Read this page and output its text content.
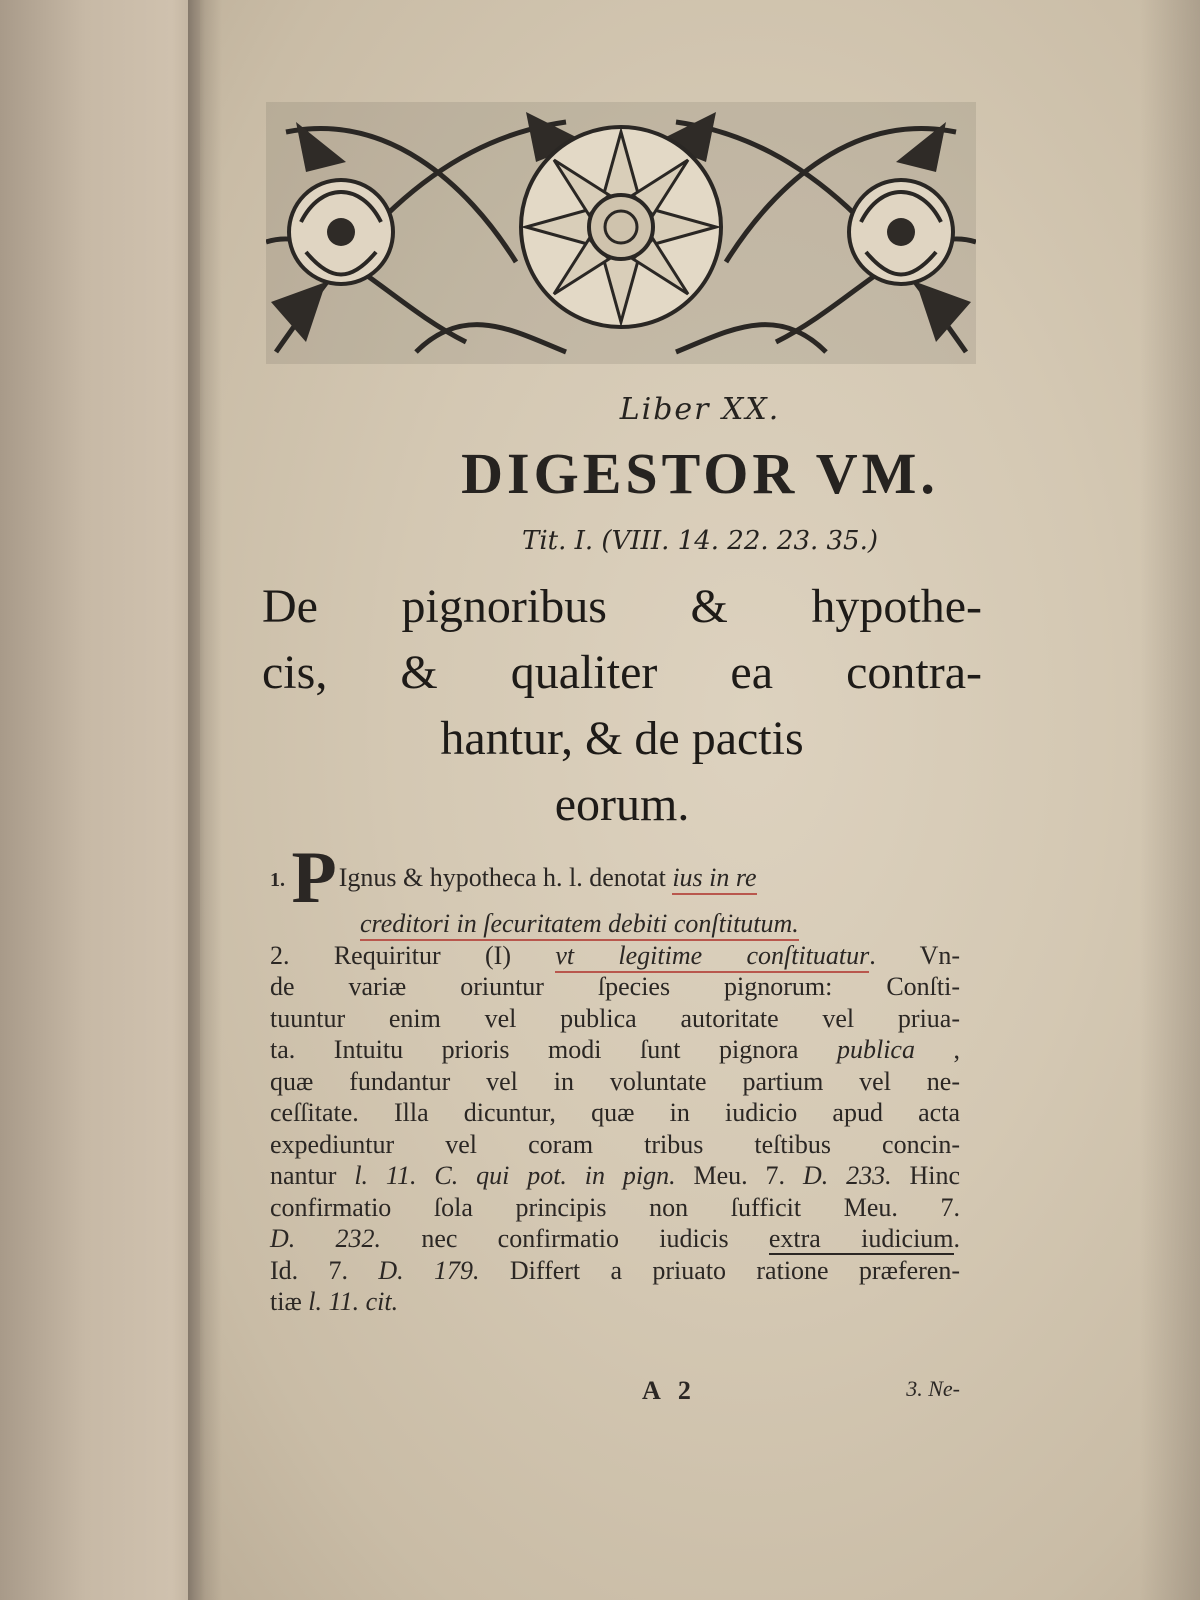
Liber XX.
DIGESTOR VM.
Tit. I. (VIII. 14. 22. 23. 35.)
De pignoribus & hypothe-
cis, & qualiter ea contra-
hantur, & de pactis
eorum.
1. PIgnus & hypotheca h. l. denotat ius in re
creditori in ſecuritatem debiti conſtitutum.
2. Requiritur (I) vt legitime conſtituatur. Vn-
de variæ oriuntur ſpecies pignorum: Conſti-
tuuntur enim vel publica autoritate vel priua-
ta. Intuitu prioris modi ſunt pignora publica ,
quæ fundantur vel in voluntate partium vel ne-
ceſſitate. Illa dicuntur, quæ in iudicio apud acta
expediuntur vel coram tribus teſtibus concin-
nantur l. 11. C. qui pot. in pign. Meu. 7. D. 233. Hinc
confirmatio ſola principis non ſufficit Meu. 7.
D. 232. nec confirmatio iudicis extra iudicium.
Id. 7. D. 179. Differt a priuato ratione præferen-
tiæ l. 11. cit.
A 2	3. Ne-
